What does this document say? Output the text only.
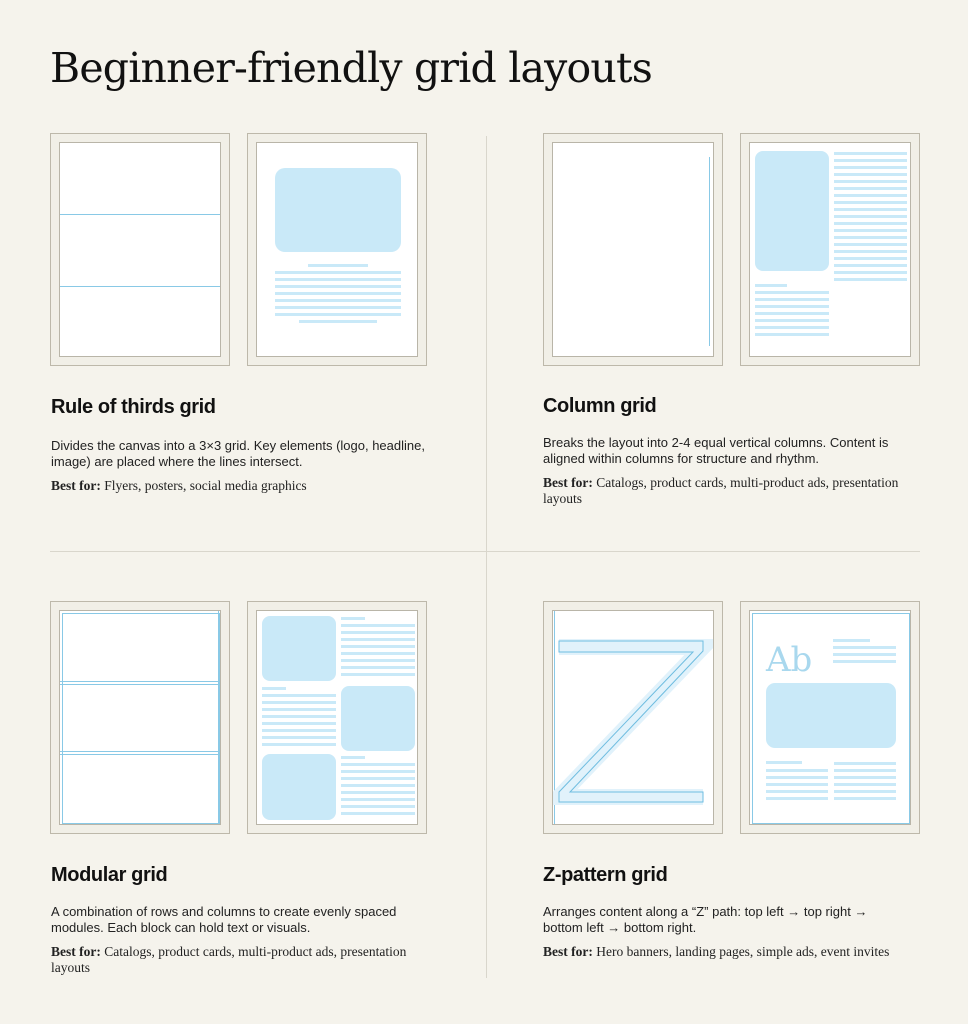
Beginner-friendly grid layouts
Rule of thirds grid

Divides the canvas into a 3×3 grid. Key elements (logo, headline, image) are placed where the lines intersect.

Best for: Flyers, posters, social media graphics

Column grid

Breaks the layout into 2-4 equal vertical columns. Content is aligned within columns for structure and rhythm.

Best for: Catalogs, product cards, multi-product ads, presentation layouts

Modular grid

A combination of rows and columns to create evenly spaced modules. Each block can hold text or visuals.

Best for: Catalogs, product cards, multi-product ads, presentation layouts

Ab
Z-pattern grid

Arranges content along a “Z” path: top left → top right → bottom left → bottom right.

Best for: Hero banners, landing pages, simple ads, event invites
